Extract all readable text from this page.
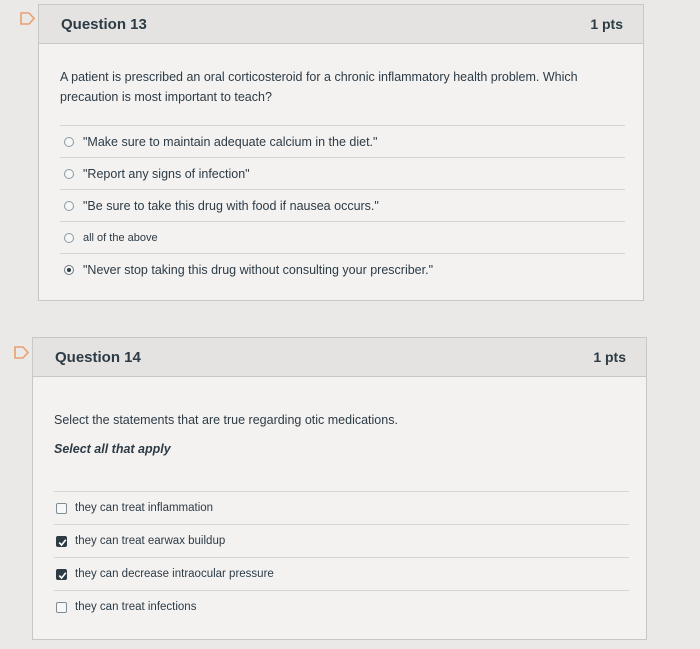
Question 13	1 pts
A patient is prescribed an oral corticosteroid for a chronic inflammatory health problem. Which precaution is most important to teach?
"Make sure to maintain adequate calcium in the diet."
"Report any signs of infection"
"Be sure to take this drug with food if nausea occurs."
all of the above
"Never stop taking this drug without consulting your prescriber."
Question 14	1 pts
Select the statements that are true regarding otic medications.
Select all that apply
they can treat inflammation
they can treat earwax buildup
they can decrease intraocular pressure
they can treat infections
